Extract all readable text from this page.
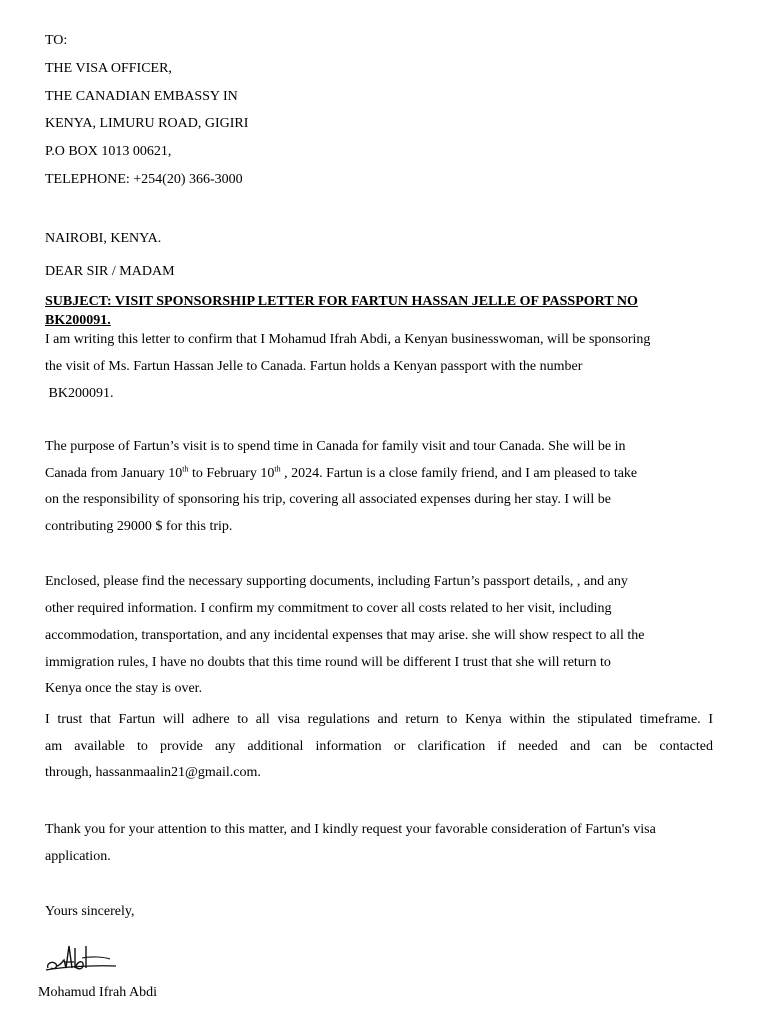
TO:
THE VISA OFFICER,
THE CANADIAN EMBASSY IN
KENYA, LIMURU ROAD, GIGIRI
P.O BOX 1013 00621,
TELEPHONE: +254(20) 366-3000
NAIROBI, KENYA.
DEAR SIR / MADAM
SUBJECT: VISIT SPONSORSHIP LETTER FOR FARTUN HASSAN JELLE OF PASSPORT NO
BK200091.
I am writing this letter to confirm that I Mohamud Ifrah Abdi, a Kenyan businesswoman, will be sponsoring
the visit of Ms. Fartun Hassan Jelle to Canada. Fartun holds a Kenyan passport with the number
BK200091.
The purpose of Fartun’s visit is to spend time in Canada for family visit and tour Canada. She will be in
Canada from January 10th to February 10th , 2024. Fartun is a close family friend, and I am pleased to take
on the responsibility of sponsoring his trip, covering all associated expenses during her stay. I will be
contributing 29000 $ for this trip.
Enclosed, please find the necessary supporting documents, including Fartun’s passport details, , and any
other required information. I confirm my commitment to cover all costs related to her visit, including
accommodation, transportation, and any incidental expenses that may arise. she will show respect to all the
immigration rules, I have no doubts that this time round will be different I trust that she will return to
Kenya once the stay is over.
I trust that Fartun will adhere to all visa regulations and return to Kenya within the stipulated timeframe. I
am available to provide any additional information or clarification if needed and can be contacted
through, hassanmaalin21@gmail.com.
Thank you for your attention to this matter, and I kindly request your favorable consideration of Fartun's visa
application.
Yours sincerely,
Mohamud Ifrah Abdi
